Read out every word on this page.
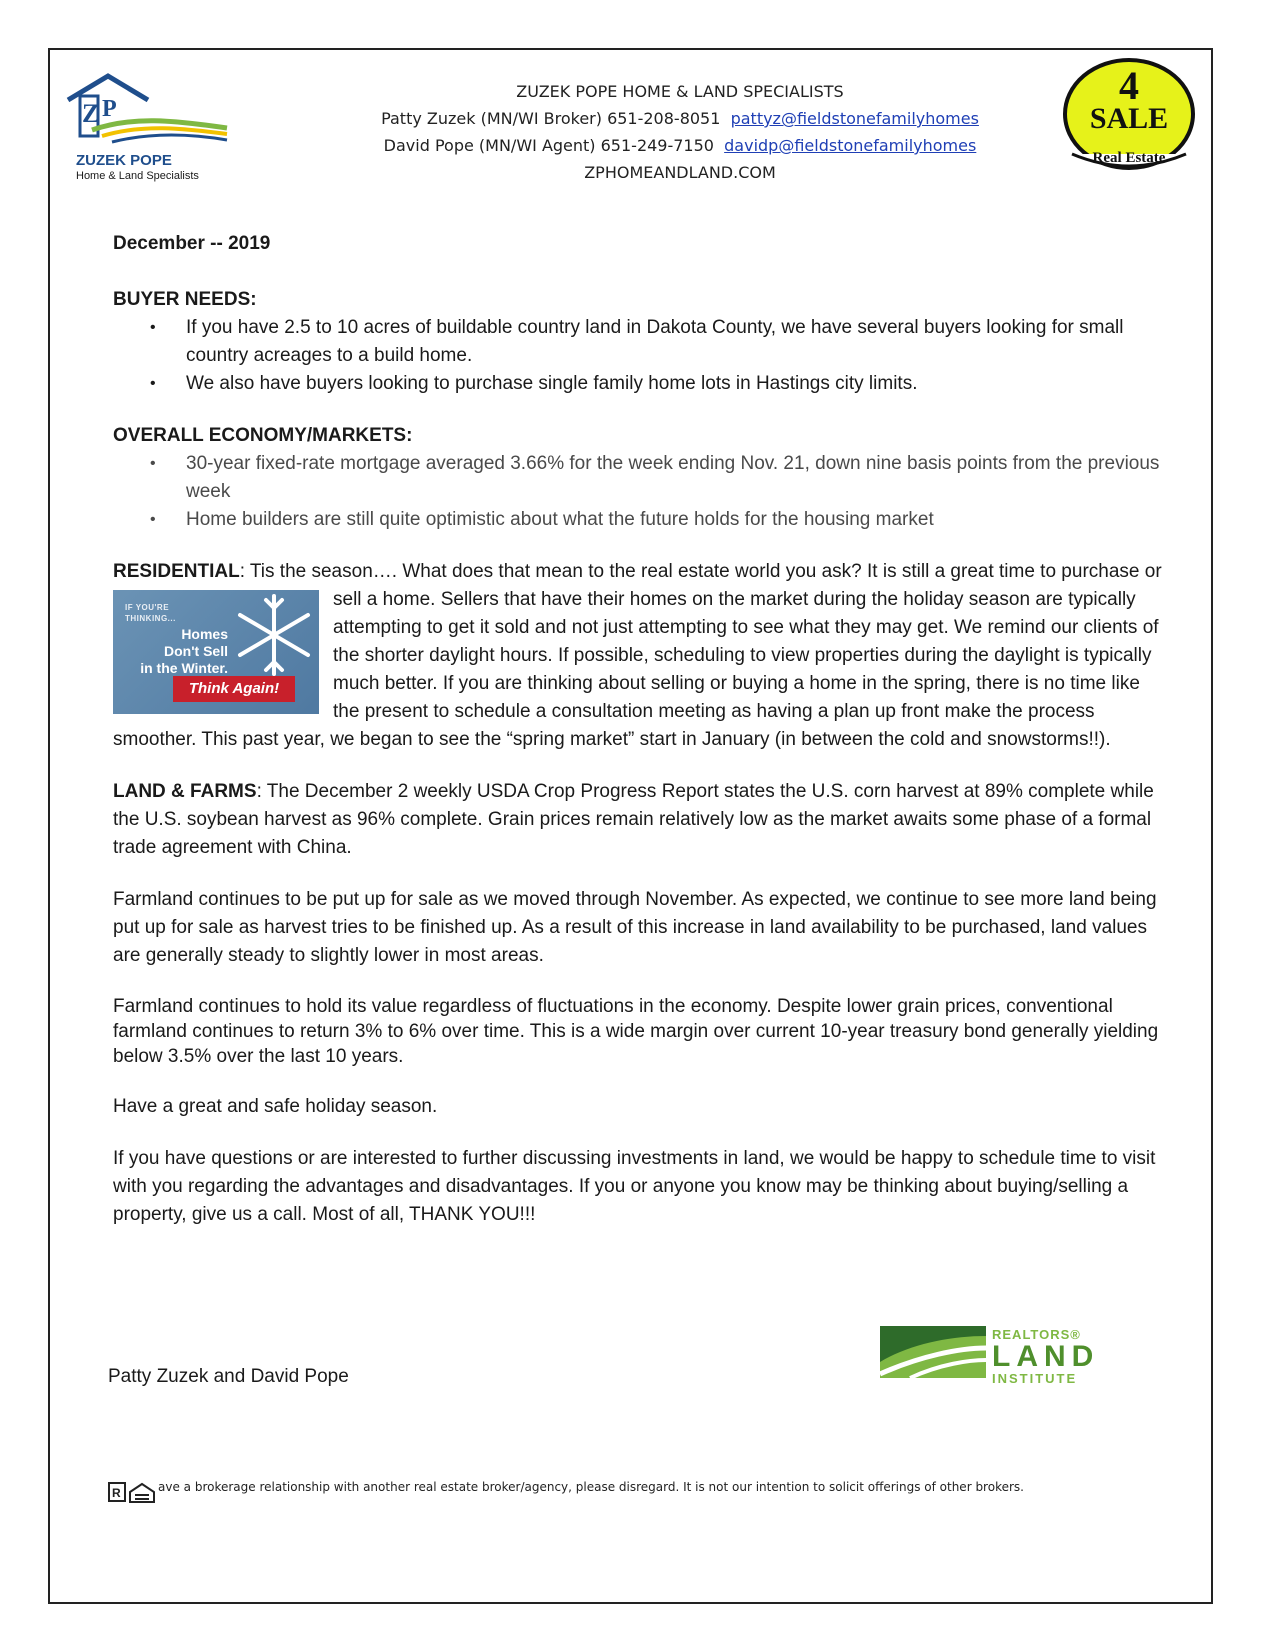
Z P
ZUZEK POPE
Home & Land Specialists
ZUZEK POPE HOME & LAND SPECIALISTS
Patty Zuzek (MN/WI Broker) 651-208-8051 pattyz@fieldstonefamilyhomes
David Pope (MN/WI Agent) 651-249-7150 davidp@fieldstonefamilyhomes
ZPHOMEANDLAND.COM
4
SALE
Real Estate

December -- 2019

BUYER NEEDS:

• If you have 2.5 to 10 acres of buildable country land in Dakota County, we have several buyers looking for small country acreages to a build home.
• We also have buyers looking to purchase single family home lots in Hastings city limits.

OVERALL ECONOMY/MARKETS:

• 30-year fixed-rate mortgage averaged 3.66% for the week ending Nov. 21, down nine basis points from the previous week
• Home builders are still quite optimistic about what the future holds for the housing market

RESIDENTIAL: Tis the season…. What does that mean to the real estate world you ask? It is still a great time to purchase or sell a home. Sellers that have their homes on the market during the holiday
IF YOU'RE
THINKING...
Homes
Don't Sell
in the Winter.
Think Again!
season are typically attempting to get it sold and not just attempting to see what they may get. We remind our clients of the shorter daylight hours. If possible, scheduling to view properties during the daylight is typically much better. If you are thinking about selling or buying a home in the spring, there is no time like the present to schedule a consultation meeting as having a plan up front make the process smoother. This past year, we began to see the “spring market” start in January (in between the cold and snowstorms!!).

LAND & FARMS: The December 2 weekly USDA Crop Progress Report states the U.S. corn harvest at 89% complete while the U.S. soybean harvest as 96% complete. Grain prices remain relatively low as the market awaits some phase of a formal trade agreement with China.

Farmland continues to be put up for sale as we moved through November. As expected, we continue to see more land being put up for sale as harvest tries to be finished up. As a result of this increase in land availability to be purchased, land values are generally steady to slightly lower in most areas.

Farmland continues to hold its value regardless of fluctuations in the economy. Despite lower grain prices, conventional farmland continues to return 3% to 6% over time. This is a wide margin over current 10-year treasury bond generally yielding below 3.5% over the last 10 years.

Have a great and safe holiday season.

If you have questions or are interested to further discussing investments in land, we would be happy to schedule time to visit with you regarding the advantages and disadvantages. If you or anyone you know may be thinking about buying/selling a property, give us a call. Most of all, THANK YOU!!!

Patty Zuzek and David Pope
REALTORS®
LAND
INSTITUTE
R	ave a brokerage relationship with another real estate broker/agency, please disregard. It is not our intention to solicit offerings of other brokers.
